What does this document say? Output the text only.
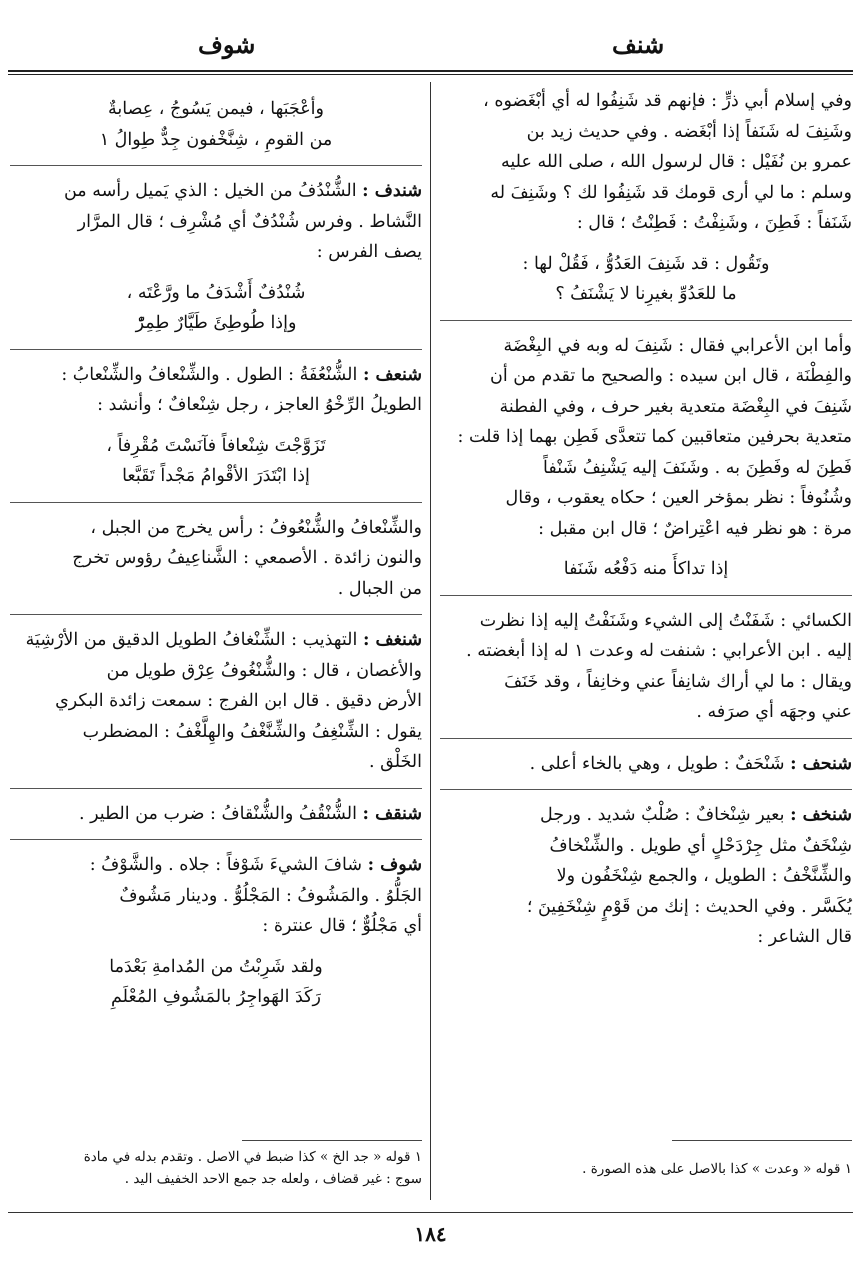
شنف
شوف

وفي إسلام أبي ذرٍّ : فإنهم قد شَنِفُوا له أي أبْغَضوه ،

وشَنِفَ له شَنَفاً إذا أبْغَضه . وفي حديث زيد بن

عمرو بن نُفَيْل : قال لرسول الله ، صلى الله عليه

وسلم : ما لي أرى قومك قد شَنِفُوا لك ؟ وشَنِفَ له

شَنَفاً : فَطِنَ ، وشَنِفْتُ : فَطِنْتُ ؛ قال :

وتَقُول : قد شَنِفَ العَدُوُّ ، فَقُلْ لها :

ما للعَدُوِّ بغيرِنا لا يَشْنَفُ ؟

وأما ابن الأعرابي فقال : شَنِفَ له وبه في البِغْضَة

والفِطْنَة ، قال ابن سيده : والصحيح ما تقدم من أن

شَنِفَ في البِغْضَة متعدية بغير حرف ، وفي الفطنة

متعدية بحرفين متعاقبين كما تتعدَّى فَطِن بهما إذا قلت :

فَطِنَ له وفَطِنَ به . وشَنَفَ إليه يَشْنِفُ شَنْفاً

وشُنُوفاً : نظر بمؤخر العين ؛ حكاه يعقوب ، وقال

مرة : هو نظر فيه اعْتِراضٌ ؛ قال ابن مقبل :

إذا تداكأَ منه دَفْعُه شَنَفا

الكسائي : شَفَنْتُ إلى الشيء وشَنَفْتُ إليه إذا نظرت

إليه . ابن الأعرابي : شنفت له وعدت ١ له إذا أبغضته .

ويقال : ما لي أراك شانِفاً عني وخانِفاً ، وقد خَنَفَ

عني وجهَه أي صرَفه .

شنحف : شَنْحَفٌ : طويل ، وهي بالخاء أعلى .

شنخف : بعير شِنْخافٌ : صُلْبٌ شديد . ورجل

شِنْخَفٌ مثل جِرْدَحْلٍ أي طويل . والشِّنْخافُ

والشِّنَّخْفُ : الطويل ، والجمع شِنْخَفُون ولا

يُكَسَّر . وفي الحديث : إنك من قَوْمٍ شِنْخَفِينَ ؛

قال الشاعر :

وأعْجَبَها ، فيمن يَسُوجُ ، عِصابةٌ

من القومِ ، شِنَّخْفون جِدٌّ طِوالُ ١

شندف : الشُّنْدُفُ من الخيل : الذي يَميل رأسه من

النَّشاط . وفرس شُنْدُفٌ أي مُشْرِف ؛ قال المرَّار

يصف الفرس :

شُنْدُفٌ أَشْدَفُ ما ورَّعْتَه ،

وإذا طُوطِئَ طَيَّارٌ طِمِرّْ

شنعف : الشُّنْعُفَةُ : الطول . والشِّنْعافُ والشِّنْعابُ :

الطويلُ الرِّخْوُ العاجز ، رجل شِنْعافٌ ؛ وأنشد :

تَزَوَّجْتَ شِنْعافاً فآنَسْتَ مُقْرِفاً ،

إذا ابْتَدَرَ الأقْوامُ مَجْداً تَقَبَّعا

والشِّنْعافُ والشُّنْعُوفُ : رأس يخرج من الجبل ،

والنون زائدة . الأصمعي : الشَّناعِيفُ رؤوس تخرج

من الجبال .

شنغف : التهذيب : الشِّنْغافُ الطويل الدقيق من الأرْشِيَة

والأغصان ، قال : والشُّنْغُوفُ عِرْق طويل من

الأرض دقيق . قال ابن الفرج : سمعت زائدة البكري

يقول : الشِّنْغِفُ والشِّنَّغْفُ والهِلَّغْفُ : المضطرب

الخَلْق .

شنقف : الشُّنْقُفُ والشُّنْقافُ : ضرب من الطير .

شوف : شافَ الشيءَ شَوْفاً : جلاه . والشَّوْفُ :

الجَلُّوُ . والمَشُوفُ : المَجْلُوُّ . ودينار مَشُوفٌ

أي مَجْلُوٌّ ؛ قال عنترة :

ولقد شَرِبْتُ من المُدامةِ بَعْدَما

رَكَدَ الهَواجِرُ بالمَشُوفِ المُعْلَمِ

١ قوله « وعدت » كذا بالاصل على هذه الصورة .
١ قوله « جد الخ » كذا ضبط في الاصل . وتقدم بدله في مادة
سوج : غير قضاف ، ولعله جد جمع الاحد الخفيف اليد .
١٨٤
